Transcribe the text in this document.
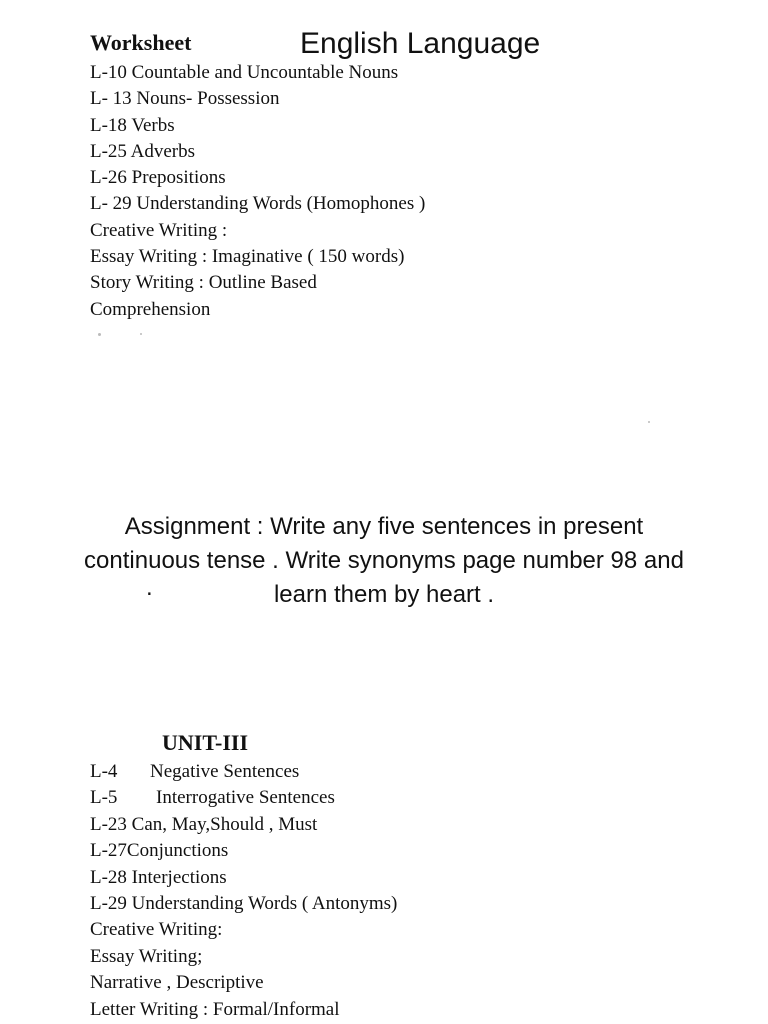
Worksheet	English Language
L-10 Countable and Uncountable Nouns
L- 13 Nouns- Possession
L-18 Verbs
L-25 Adverbs
L-26 Prepositions
L- 29 Understanding Words (Homophones )
Creative Writing :
Essay Writing : Imaginative ( 150 words)
Story Writing : Outline Based
Comprehension
Assignment : Write any five sentences in present
continuous tense . Write synonyms page number 98 and
learn them by heart .
.
UNIT-III
L-4 Negative Sentences
L-5 Interrogative Sentences
L-23 Can, May,Should , Must
L-27Conjunctions
L-28 Interjections
L-29 Understanding Words ( Antonyms)
Creative Writing:
Essay Writing;
Narrative , Descriptive
Letter Writing : Formal/Informal
